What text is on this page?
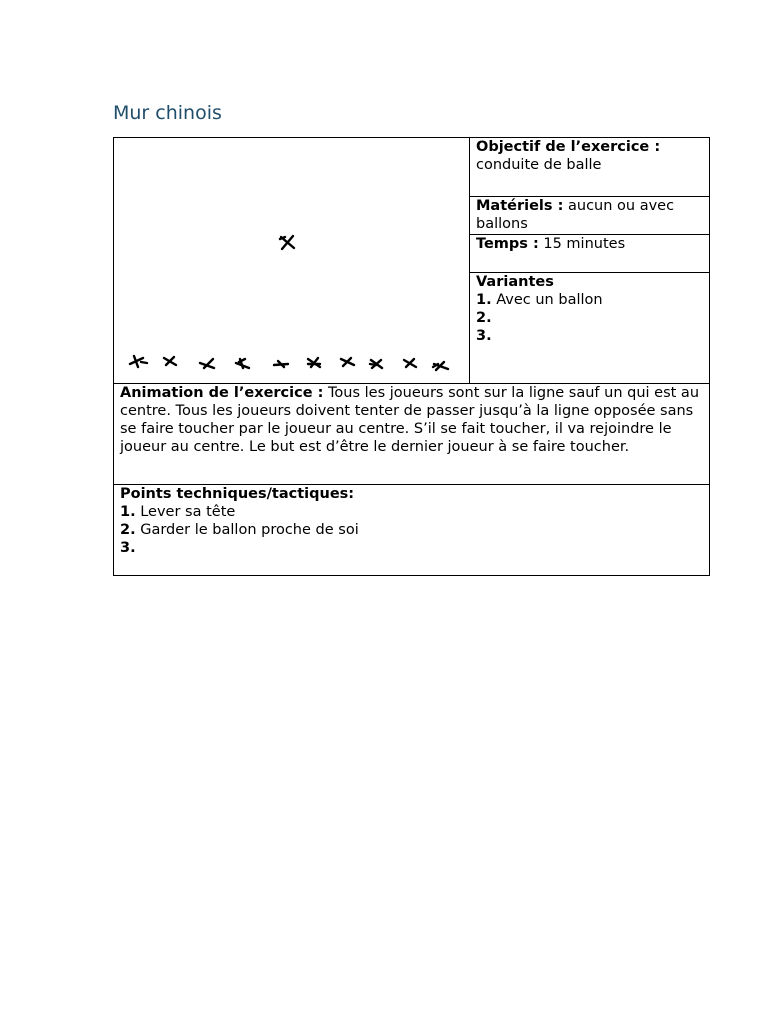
Mur chinois
	Objectif de l’exercice : conduite de balle
Matériels : aucun ou avec ballons
Temps : 15 minutes

Variantes
1. Avec un ballon
2.
3.

Animation de l’exercice : Tous les joueurs sont sur la ligne sauf un qui est au centre. Tous les joueurs doivent tenter de passer jusqu’à la ligne opposée sans se faire toucher par le joueur au centre. S’il se fait toucher, il va rejoindre le joueur au centre. Le but est d’être le dernier joueur à se faire toucher.

Points techniques/tactiques:
1. Lever sa tête
2. Garder le ballon proche de soi
3.
